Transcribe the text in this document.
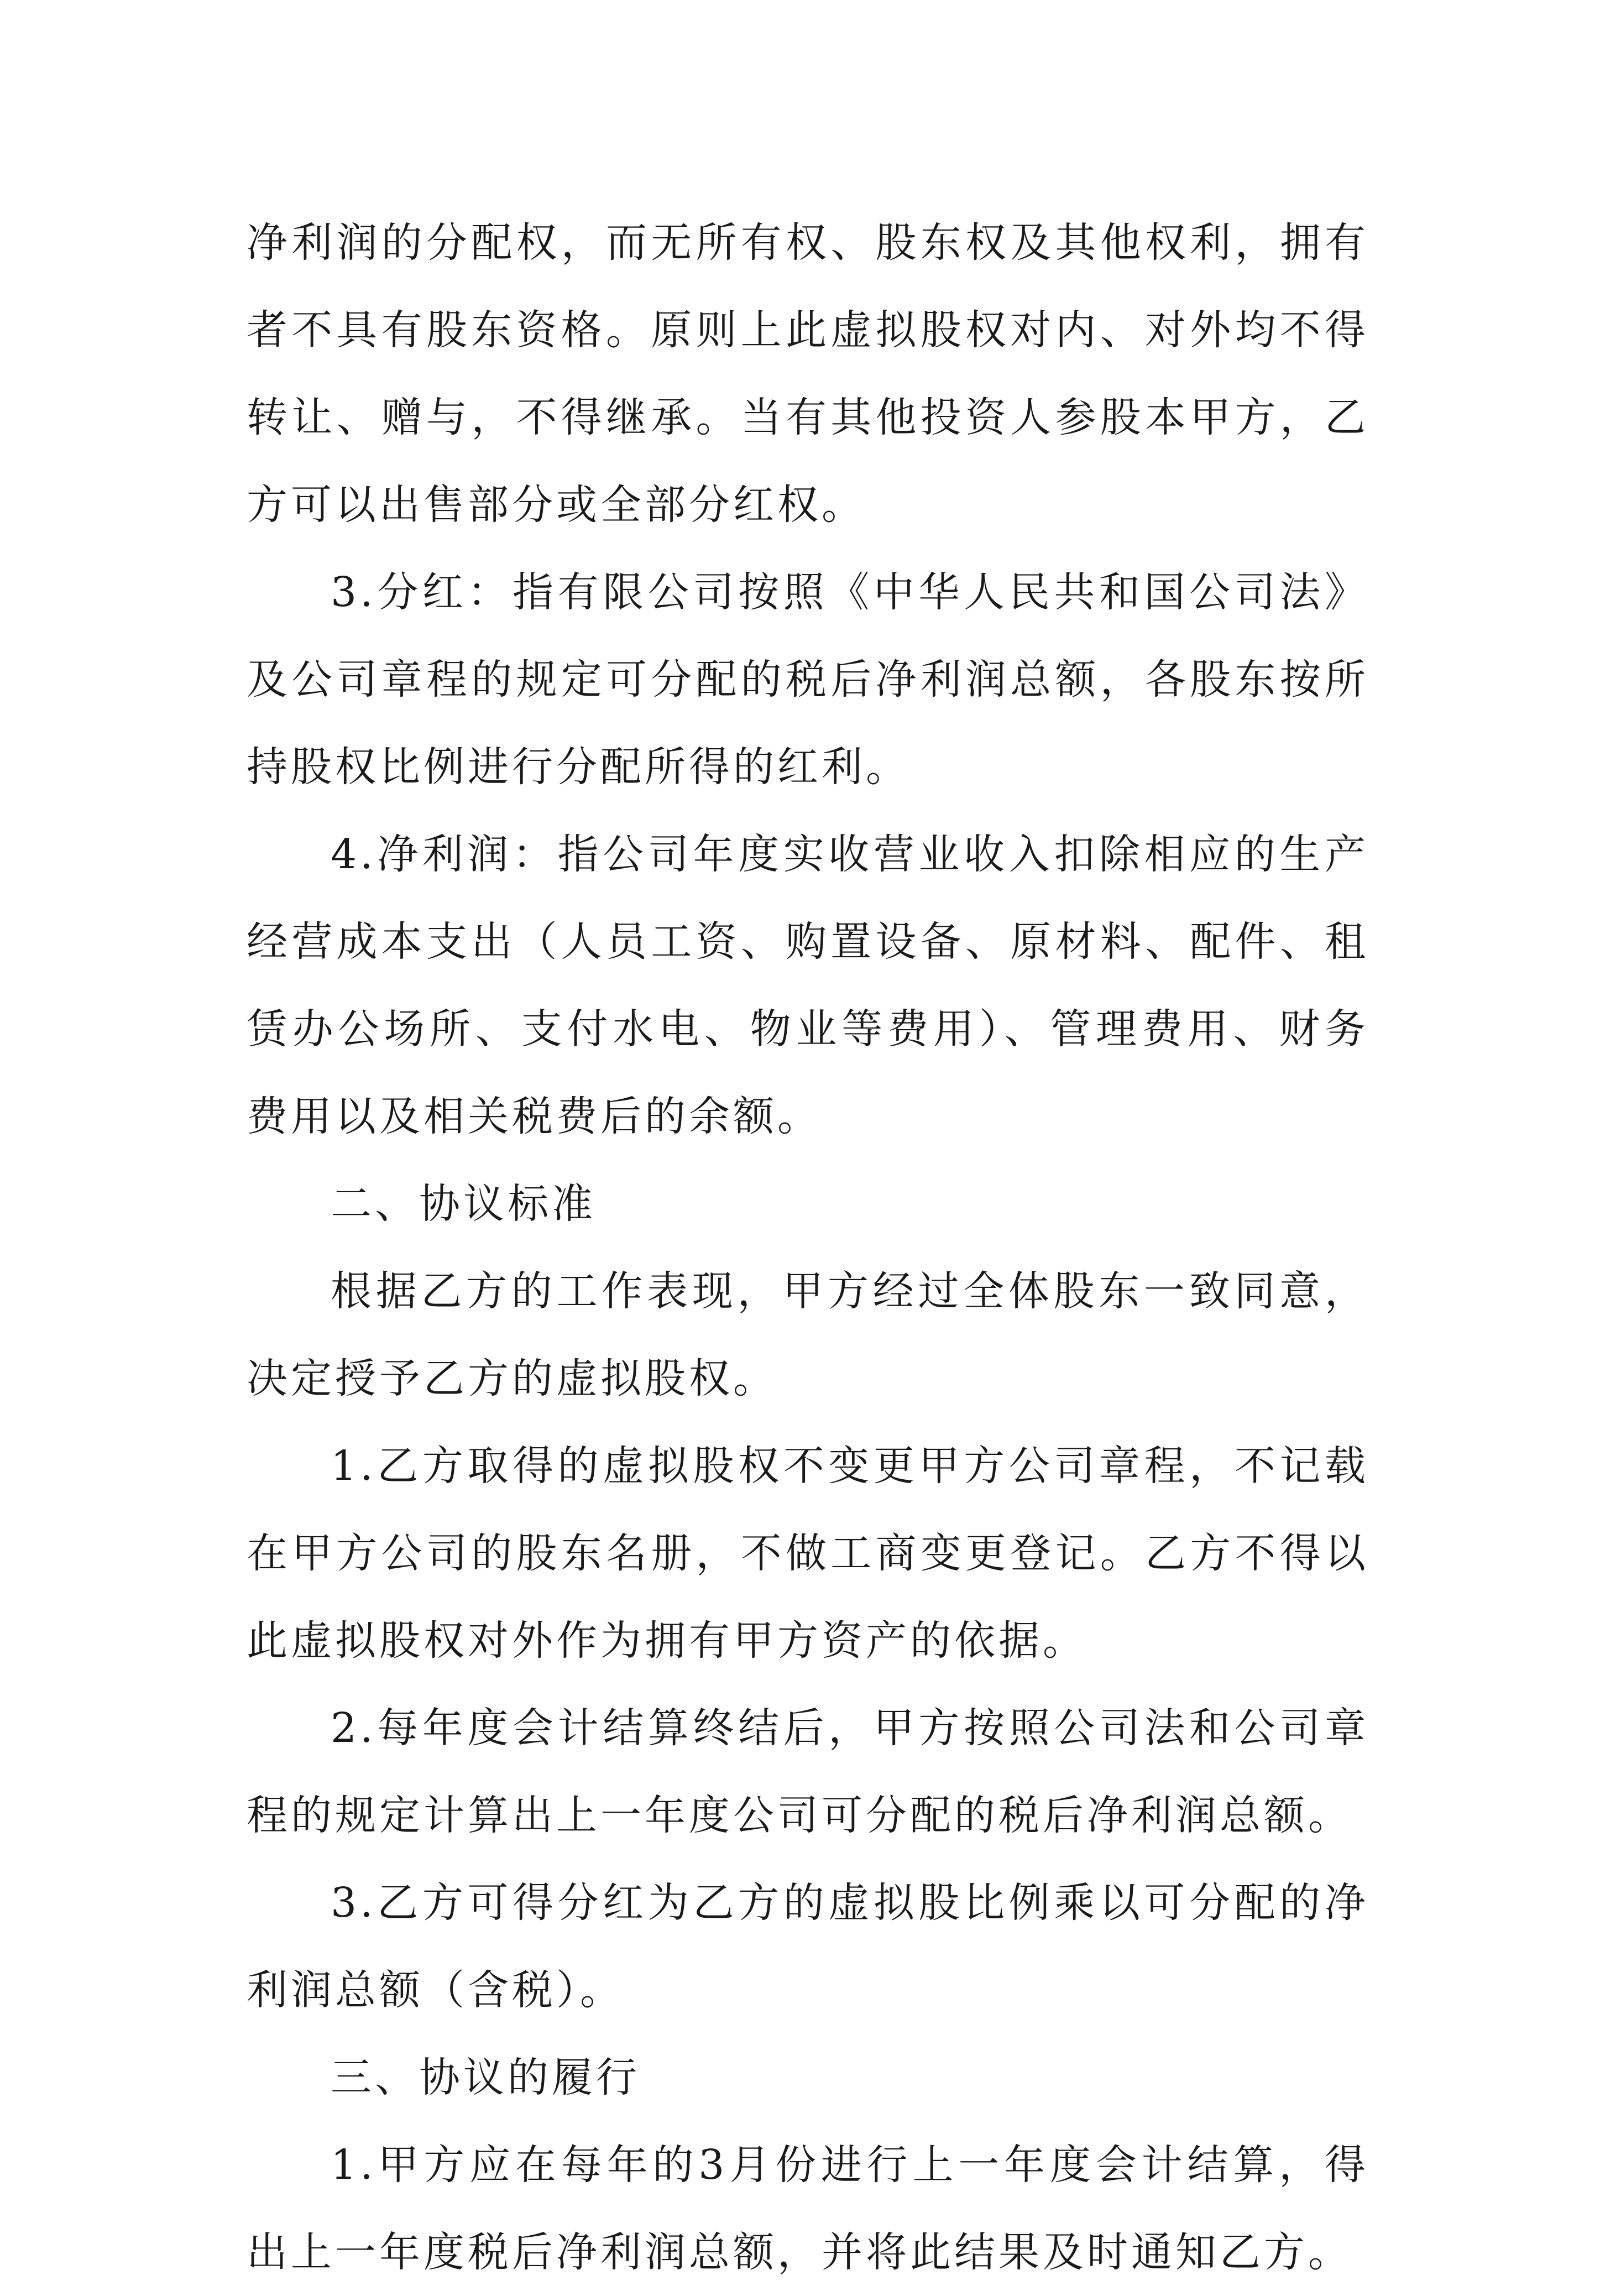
净利润的分配权，而无所有权、股东权及其他权利，拥有者不具有股东资格。原则上此虚拟股权对内、对外均不得转让、赠与，不得继承。当有其他投资人参股本甲方，乙方可以出售部分或全部分红权。

3.分红：指有限公司按照《中华人民共和国公司法》及公司章程的规定可分配的税后净利润总额，各股东按所持股权比例进行分配所得的红利。

4.净利润：指公司年度实收营业收入扣除相应的生产经营成本支出（人员工资、购置设备、原材料、配件、租赁办公场所、支付水电、物业等费用）、管理费用、财务费用以及相关税费后的余额。

二、协议标准

根据乙方的工作表现，甲方经过全体股东一致同意，决定授予乙方的虚拟股权。

1.乙方取得的虚拟股权不变更甲方公司章程，不记载在甲方公司的股东名册，不做工商变更登记。乙方不得以此虚拟股权对外作为拥有甲方资产的依据。

2.每年度会计结算终结后，甲方按照公司法和公司章程的规定计算出上一年度公司可分配的税后净利润总额。

3.乙方可得分红为乙方的虚拟股比例乘以可分配的净利润总额（含税）。

三、协议的履行

1.甲方应在每年的3月份进行上一年度会计结算，得出上一年度税后净利润总额，并将此结果及时通知乙方。
